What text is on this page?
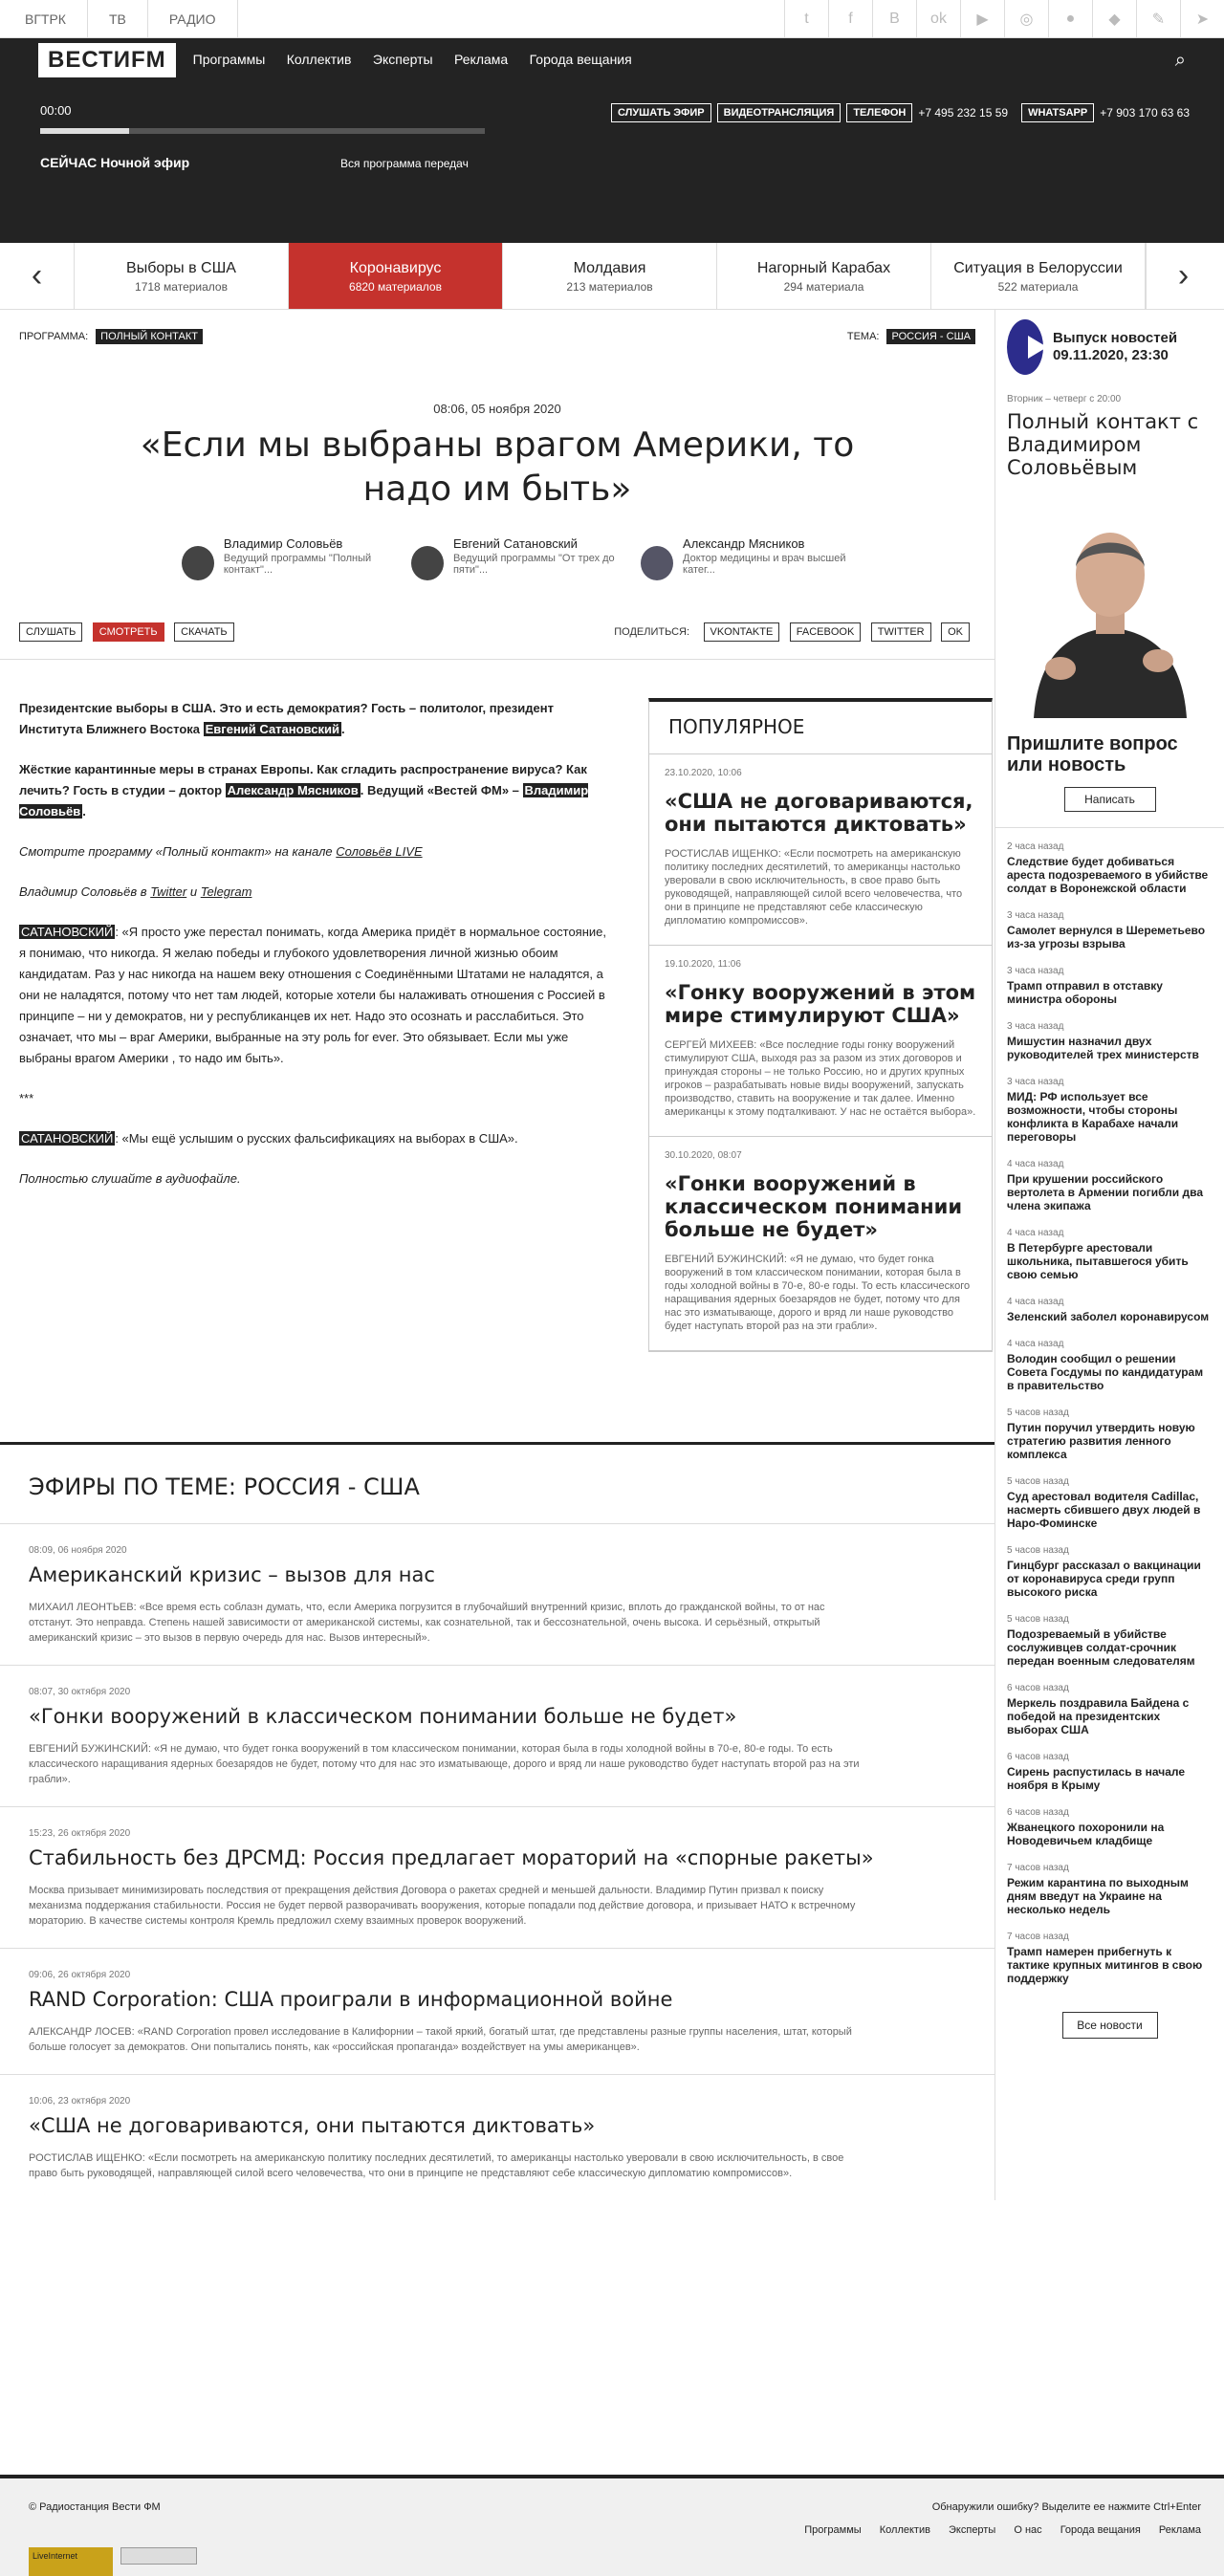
ВГТРК	ТВ	РАДИО	t	f	B	ok	▶	◎	●	◆	✎	➤
ВЕСТИFM	Программы Коллектив Эксперты Реклама Города вещания	⌕
00:00
СЕЙЧАС Ночной эфир	Вся программа передач
СЛУШАТЬ ЭФИР	ВИДЕОТРАНСЛЯЦИЯ	ТЕЛЕФОН	+7 495 232 15 59	WHATSAPP	+7 903 170 63 63
‹	Выборы в США
1718 материалов
Коронавирус
6820 материалов
Молдавия
213 материалов
Нагорный Карабах
294 материала
Ситуация в Белоруссии
522 материала	›
ПРОГРАММА: ПОЛНЫЙ КОНТАКТ	ТЕМА: РОССИЯ - США
08:06, 05 ноября 2020
«Если мы выбраны врагом Америки, то надо им быть»
Владимир Соловьёв
Ведущий программы "Полный контакт"...
Евгений Сатановский
Ведущий программы "От трех до пяти"...
Александр Мясников
Доктор медицины и врач высшей катег...
СЛУШАТЬ СМОТРЕТЬ СКАЧАТЬ	ПОДЕЛИТЬСЯ: VKONTAKTE FACEBOOK TWITTER OK

Президентские выборы в США. Это и есть демократия? Гость – политолог, президент Института Ближнего Востока Евгений Сатановский .

Жёсткие карантинные меры в странах Европы. Как сгладить распространение вируса? Как лечить? Гость в студии – доктор Александр Мясников . Ведущий «Вестей ФМ» – Владимир Соловьёв .

Смотрите программу «Полный контакт» на канале Соловьёв LIVE

Владимир Соловьёв в Twitter и Telegram

САТАНОВСКИЙ : «Я просто уже перестал понимать, когда Америка придёт в нормальное состояние, я понимаю, что никогда. Я желаю победы и глубокого удовлетворения личной жизнью обоим кандидатам. Раз у нас никогда на нашем веку отношения с Соединёнными Штатами не наладятся, а они не наладятся, потому что нет там людей, которые хотели бы налаживать отношения с Россией в принципе – ни у демократов, ни у республиканцев их нет. Надо это осознать и расслабиться. Это означает, что мы – враг Америки, выбранные на эту роль for ever. Это обязывает. Если мы уже выбраны врагом Америки , то надо им быть».

***

САТАНОВСКИЙ : «Мы ещё услышим о русских фальсификациях на выборах в США».

Полностью слушайте в аудиофайле.

ПОПУЛЯРНОЕ
23.10.2020, 10:06
«США не договариваются, они пытаются диктовать»
РОСТИСЛАВ ИЩЕНКО: «Если посмотреть на американскую политику последних десятилетий, то американцы настолько уверовали в свою исключительность, в свое право быть руководящей, направляющей силой всего человечества, что они в принципе не представляют себе классическую дипломатию компромиссов».
19.10.2020, 11:06
«Гонку вооружений в этом мире стимулируют США»
СЕРГЕЙ МИХЕЕВ: «Все последние годы гонку вооружений стимулируют США, выходя раз за разом из этих договоров и принуждая стороны – не только Россию, но и других крупных игроков – разрабатывать новые виды вооружений, запускать производство, ставить на вооружение и так далее. Именно американцы к этому подталкивают. У нас не остаётся выбора».
30.10.2020, 08:07
«Гонки вооружений в классическом понимании больше не будет»
ЕВГЕНИЙ БУЖИНСКИЙ: «Я не думаю, что будет гонка вооружений в том классическом понимании, которая была в годы холодной войны в 70-е, 80-е годы. То есть классического наращивания ядерных боезарядов не будет, потому что для нас это изматывающе, дорого и вряд ли наше руководство будет наступать второй раз на эти грабли».
ЭФИРЫ ПО ТЕМЕ: РОССИЯ - США
08:09, 06 ноября 2020
Американский кризис – вызов для нас
МИХАИЛ ЛЕОНТЬЕВ: «Все время есть соблазн думать, что, если Америка погрузится в глубочайший внутренний кризис, вплоть до гражданской войны, то от нас отстанут. Это неправда. Степень нашей зависимости от американской системы, как сознательной, так и бессознательной, очень высока. И серьёзный, открытый американский кризис – это вызов в первую очередь для нас. Вызов интересный».
08:07, 30 октября 2020
«Гонки вооружений в классическом понимании больше не будет»
ЕВГЕНИЙ БУЖИНСКИЙ: «Я не думаю, что будет гонка вооружений в том классическом понимании, которая была в годы холодной войны в 70-е, 80-е годы. То есть классического наращивания ядерных боезарядов не будет, потому что для нас это изматывающе, дорого и вряд ли наше руководство будет наступать второй раз на эти грабли».
15:23, 26 октября 2020
Стабильность без ДРСМД: Россия предлагает мораторий на «спорные ракеты»
Москва призывает минимизировать последствия от прекращения действия Договора о ракетах средней и меньшей дальности. Владимир Путин призвал к поиску механизма поддержания стабильности. Россия не будет первой разворачивать вооружения, которые попадали под действие договора, и призывает НАТО к встречному мораторию. В качестве системы контроля Кремль предложил схему взаимных проверок вооружений.
09:06, 26 октября 2020
RAND Corporation: США проиграли в информационной войне
АЛЕКСАНДР ЛОСЕВ: «RAND Corporation провел исследование в Калифорнии – такой яркий, богатый штат, где представлены разные группы населения, штат, который больше голосует за демократов. Они попытались понять, как «российская пропаганда» воздействует на умы американцев».
10:06, 23 октября 2020
«США не договариваются, они пытаются диктовать»
РОСТИСЛАВ ИЩЕНКО: «Если посмотреть на американскую политику последних десятилетий, то американцы настолько уверовали в свою исключительность, в свое право быть руководящей, направляющей силой всего человечества, что они в принципе не представляют себе классическую дипломатию компромиссов».
Выпуск новостей 09.11.2020, 23:30
Вторник – четверг с 20:00
Полный контакт с Владимиром Соловьёвым
Пришлите вопрос или новость
Написать
2 часа назад
Следствие будет добиваться ареста подозреваемого в убийстве солдат в Воронежской области
3 часа назад
Самолет вернулся в Шереметьево из-за угрозы взрыва
3 часа назад
Трамп отправил в отставку министра обороны
3 часа назад
Мишустин назначил двух руководителей трех министерств
3 часа назад
МИД: РФ использует все возможности, чтобы стороны конфликта в Карабахе начали переговоры
4 часа назад
При крушении российского вертолета в Армении погибли два члена экипажа
4 часа назад
В Петербурге арестовали школьника, пытавшегося убить свою семью
4 часа назад
Зеленский заболел коронавирусом
4 часа назад
Володин сообщил о решении Совета Госдумы по кандидатурам в правительство
5 часов назад
Путин поручил утвердить новую стратегию развития ленного комплекса
5 часов назад
Суд арестовал водителя Cadillac, насмерть сбившего двух людей в Наро-Фоминске
5 часов назад
Гинцбург рассказал о вакцинации от коронавируса среди групп высокого риска
5 часов назад
Подозреваемый в убийстве сослуживцев солдат-срочник передан военным следователям
6 часов назад
Меркель поздравила Байдена с победой на президентских выборах США
6 часов назад
Сирень распустилась в начале ноября в Крыму
6 часов назад
Жванецкого похоронили на Новодевичьем кладбище
7 часов назад
Режим карантина по выходным дням введут на Украине на несколько недель
7 часов назад
Трамп намерен прибегнуть к тактике крупных митингов в свою поддержку
Все новости
© Радиостанция Вести ФМ	Обнаружили ошибку? Выделите ее нажмите Ctrl+Enter
Программы Коллектив Эксперты О нас Города вещания Реклама
LiveInternet
